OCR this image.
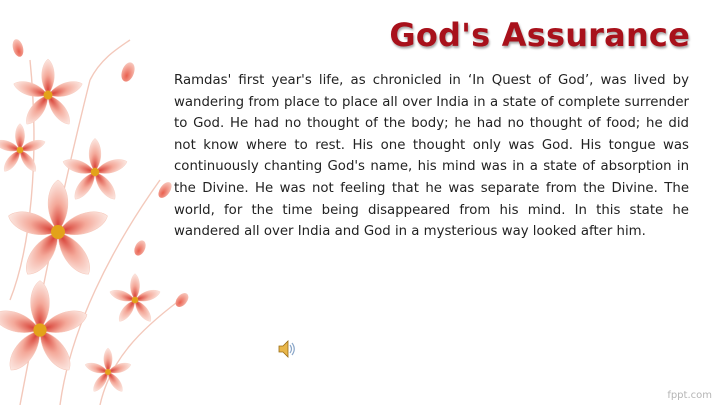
God's Assurance

Ramdas' first year's life, as chronicled in ‘In Quest of God’, was lived by wandering from place to place all over India in a state of complete surrender to God. He had no thought of the body; he had no thought of food; he did not know where to rest. His one thought only was God. His tongue was continuously chanting God's name, his mind was in a state of absorption in the Divine. He was not feeling that he was separate from the Divine. The world, for the time being disappeared from his mind. In this state he wandered all over India and God in a mysterious way looked after him.

fppt.com
